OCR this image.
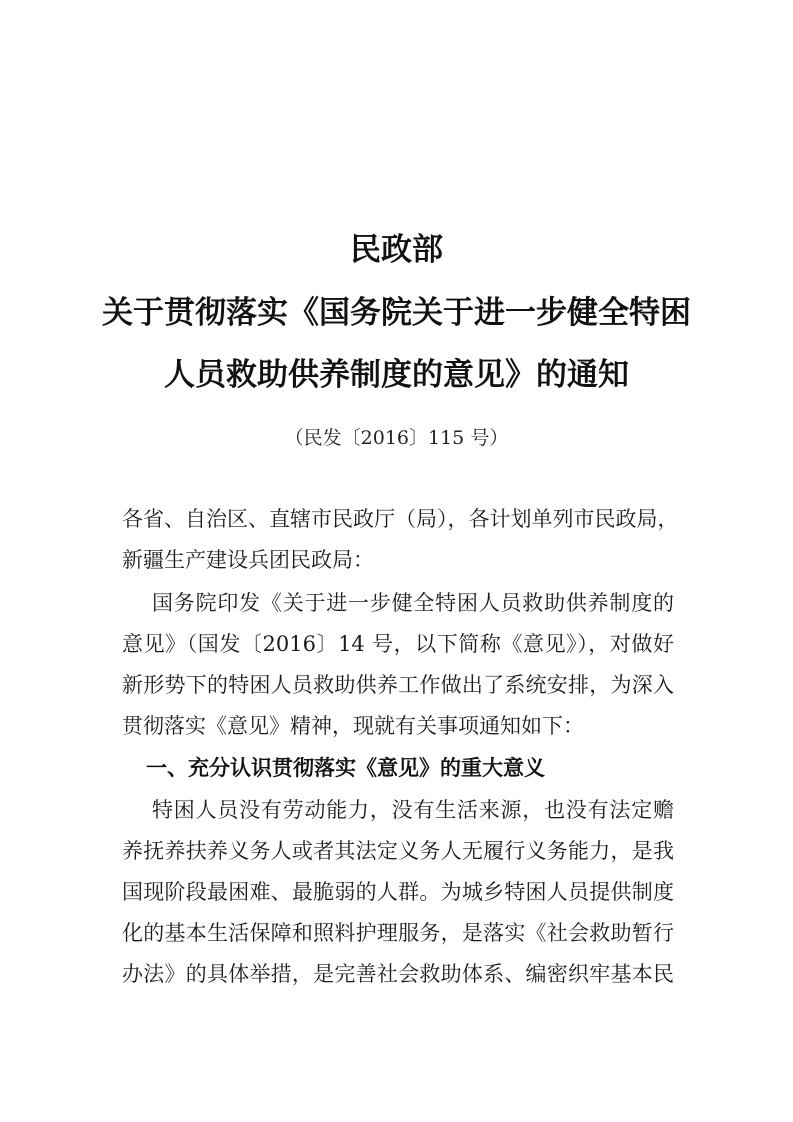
民政部
关于贯彻落实《国务院关于进一步健全特困
人员救助供养制度的意见》的通知
（民发〔2016〕115 号）
各省、自治区、直辖市民政厅（局），各计划单列市民政局，
新疆生产建设兵团民政局：
国务院印发《关于进一步健全特困人员救助供养制度的
意见》（国发〔2016〕14 号，以下简称《意见》），对做好
新形势下的特困人员救助供养工作做出了系统安排，为深入
贯彻落实《意见》精神，现就有关事项通知如下：
一、充分认识贯彻落实《意见》的重大意义
特困人员没有劳动能力，没有生活来源，也没有法定赡
养抚养扶养义务人或者其法定义务人无履行义务能力，是我
国现阶段最困难、最脆弱的人群。为城乡特困人员提供制度
化的基本生活保障和照料护理服务，是落实《社会救助暂行
办法》的具体举措，是完善社会救助体系、编密织牢基本民
